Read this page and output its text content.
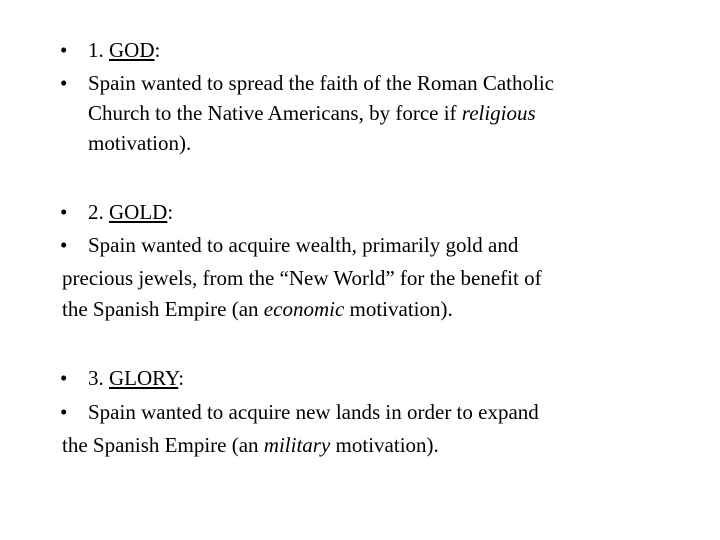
• 1. GOD:
• Spain wanted to spread the faith of the Roman Catholic
Church to the Native Americans, by force if religious
motivation).
• 2. GOLD:
• Spain wanted to acquire wealth, primarily gold and
precious jewels, from the “New World” for the benefit of
the Spanish Empire (an economic motivation).
• 3. GLORY:
• Spain wanted to acquire new lands in order to expand
the Spanish Empire (an military motivation).
